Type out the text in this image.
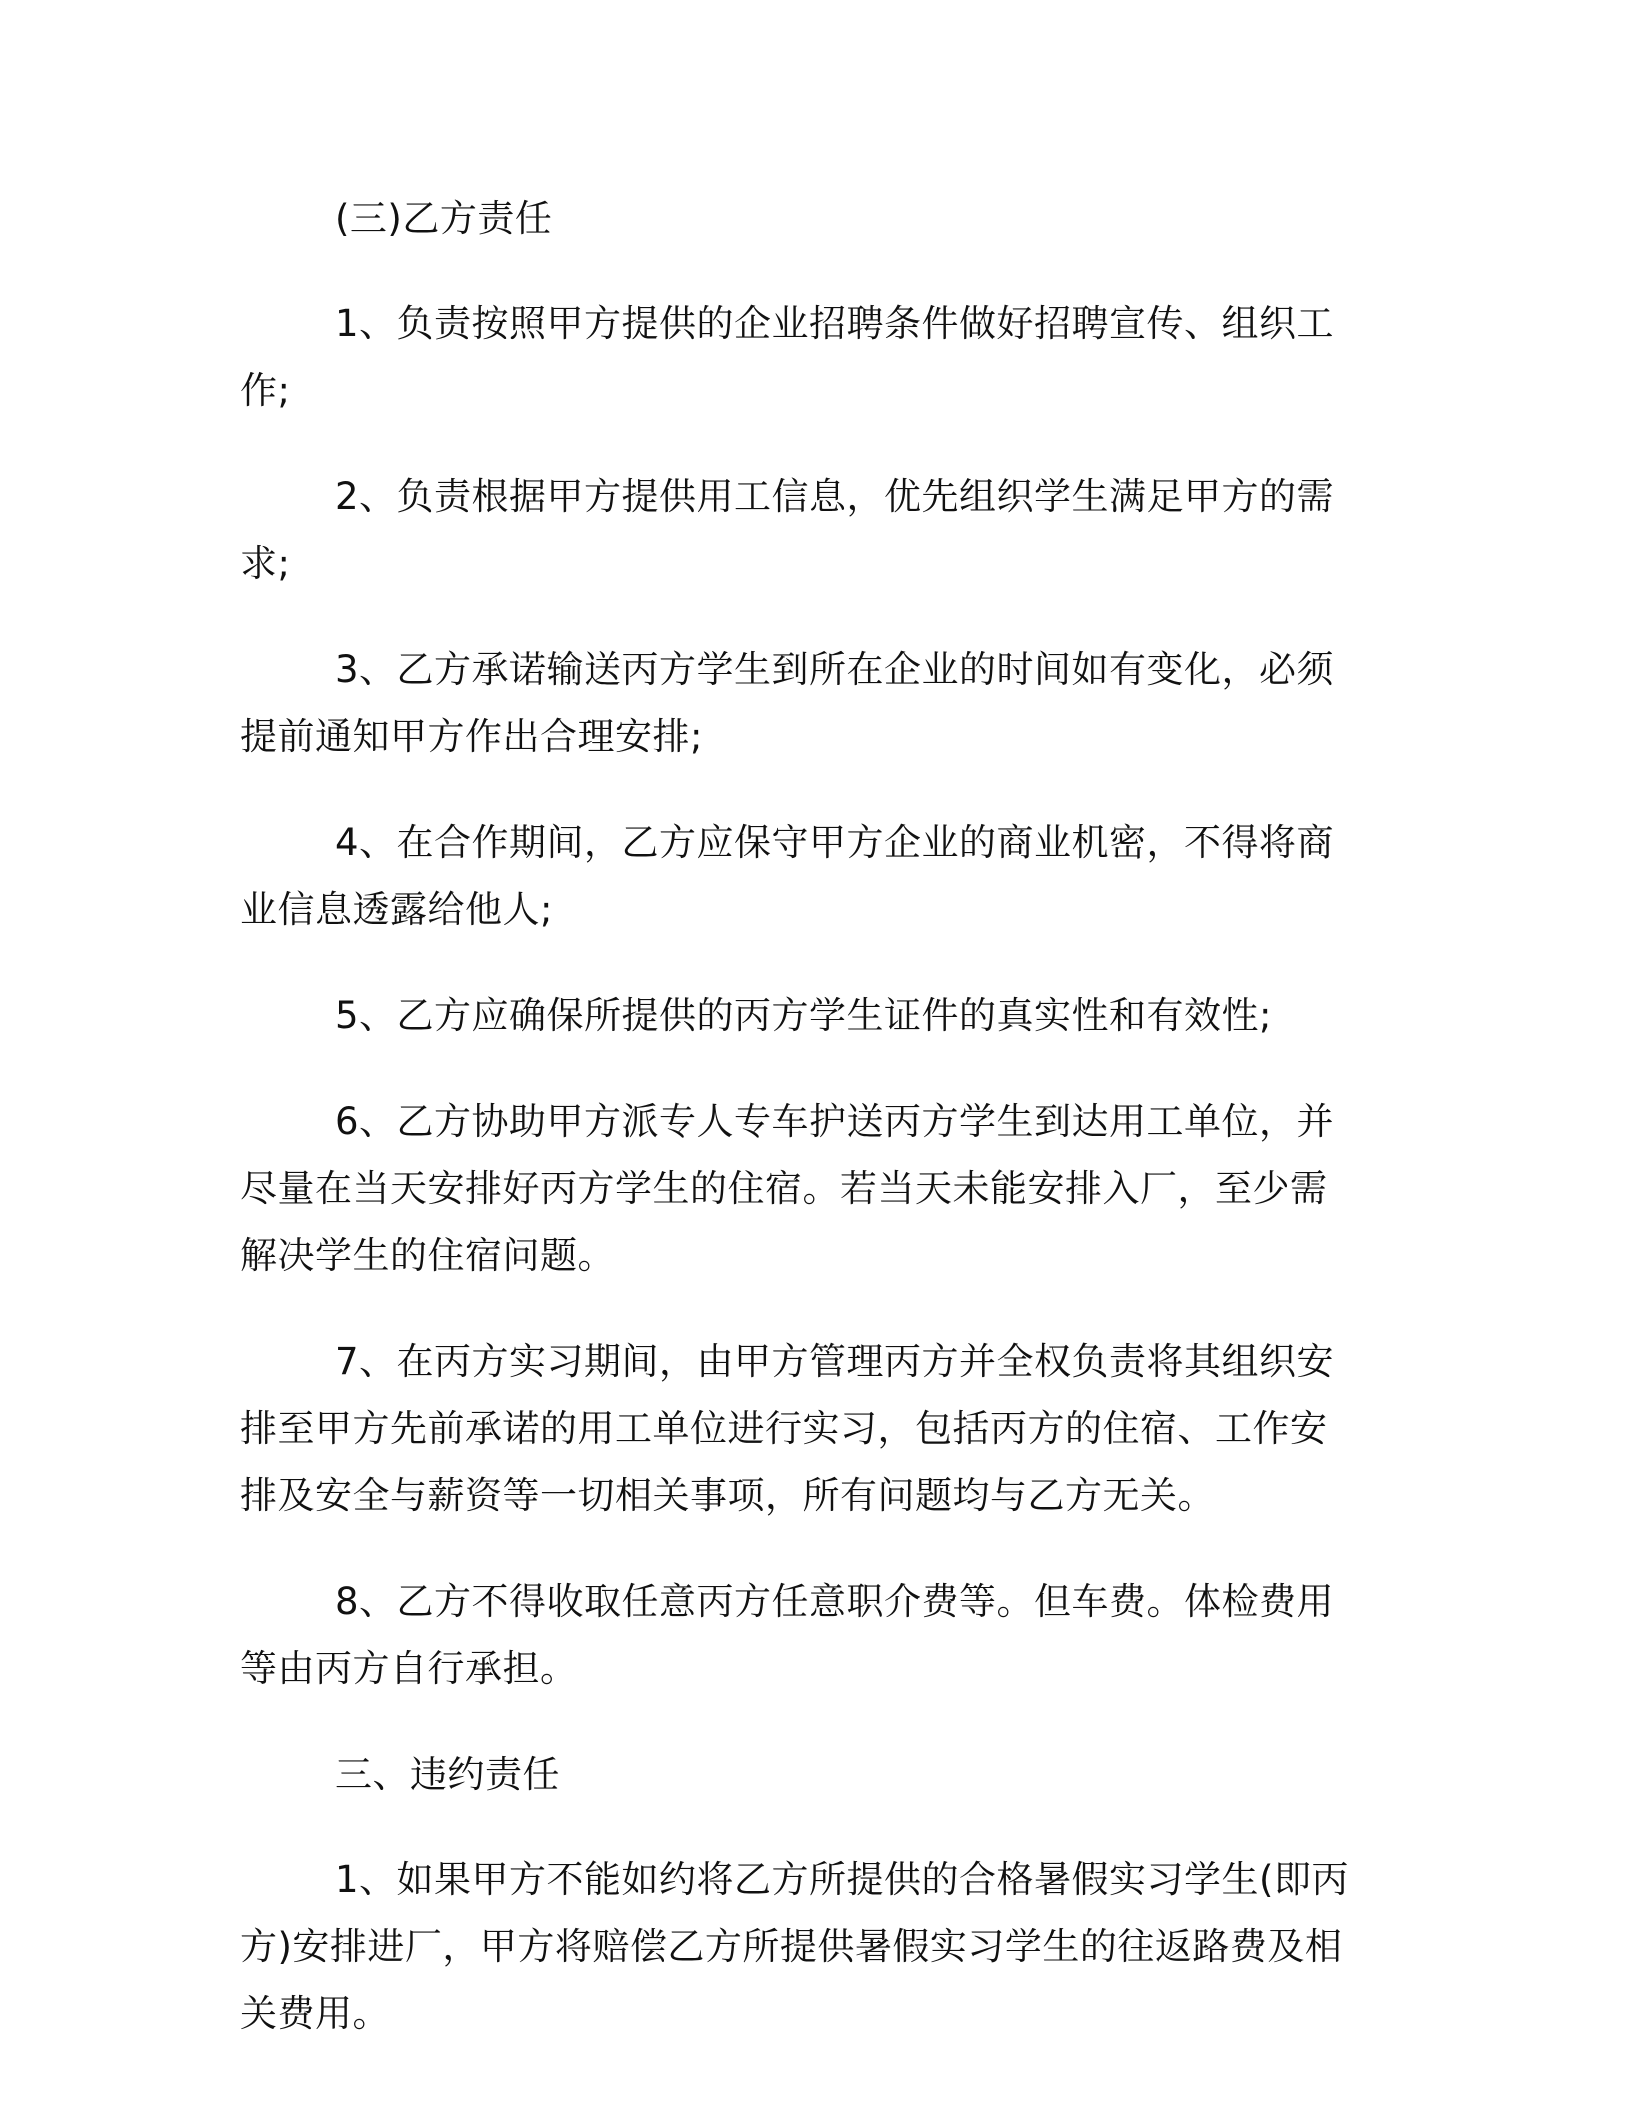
(三)乙方责任

1、负责按照甲方提供的企业招聘条件做好招聘宣传、组织工作;

2、负责根据甲方提供用工信息，优先组织学生满足甲方的需求;

3、乙方承诺输送丙方学生到所在企业的时间如有变化，必须提前通知甲方作出合理安排;

4、在合作期间，乙方应保守甲方企业的商业机密，不得将商业信息透露给他人;

5、乙方应确保所提供的丙方学生证件的真实性和有效性;

6、乙方协助甲方派专人专车护送丙方学生到达用工单位，并尽量在当天安排好丙方学生的住宿。若当天未能安排入厂，至少需解决学生的住宿问题。

7、在丙方实习期间，由甲方管理丙方并全权负责将其组织安排至甲方先前承诺的用工单位进行实习，包括丙方的住宿、工作安排及安全与薪资等一切相关事项，所有问题均与乙方无关。

8、乙方不得收取任意丙方任意职介费等。但车费。体检费用等由丙方自行承担。

三、违约责任

1、如果甲方不能如约将乙方所提供的合格暑假实习学生(即丙方)安排进厂，甲方将赔偿乙方所提供暑假实习学生的往返路费及相关费用。
